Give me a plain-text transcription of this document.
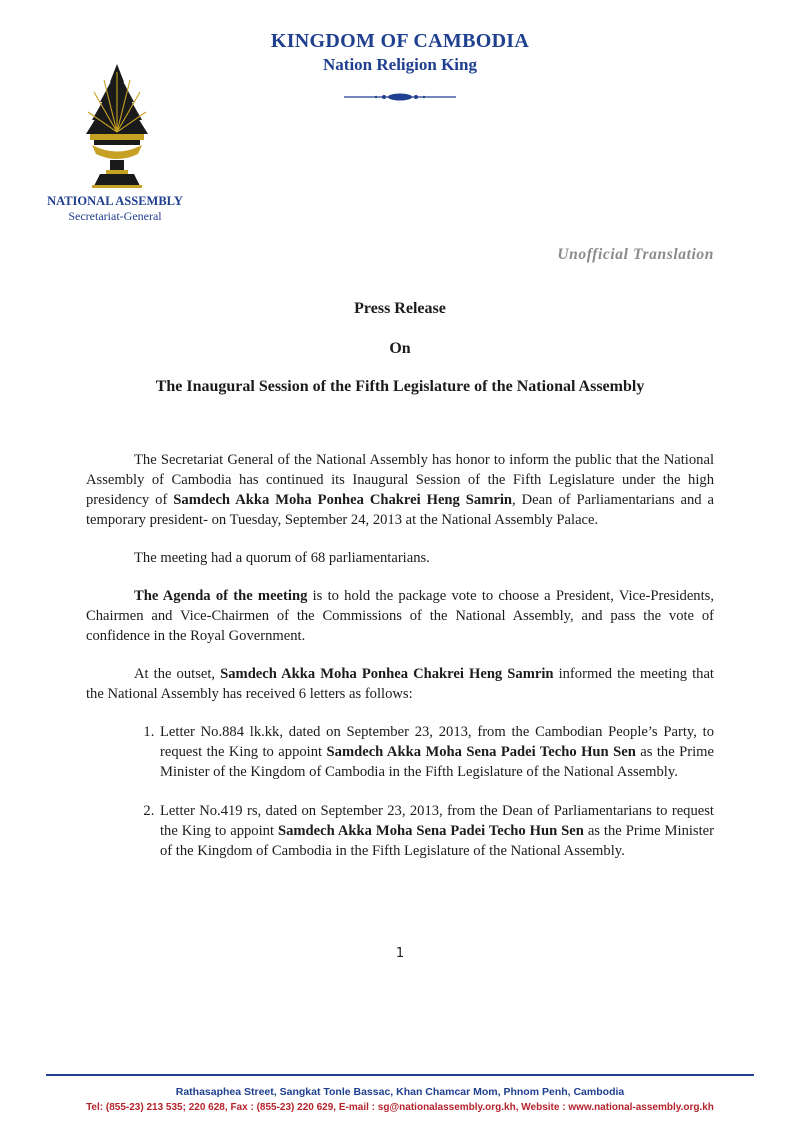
KINGDOM OF CAMBODIA
Nation Religion King
NATIONAL ASSEMBLY
Secretariat-General
Unofficial Translation
Press Release
On
The Inaugural Session of the Fifth Legislature of the National Assembly

The Secretariat General of the National Assembly has honor to inform the public that the National Assembly of Cambodia has continued its Inaugural Session of the Fifth Legislature under the high presidency of Samdech Akka Moha Ponhea Chakrei Heng Samrin, Dean of Parliamentarians and a temporary president- on Tuesday, September 24, 2013 at the National Assembly Palace.

The meeting had a quorum of 68 parliamentarians.

The Agenda of the meeting is to hold the package vote to choose a President, Vice-Presidents, Chairmen and Vice-Chairmen of the Commissions of the National Assembly, and pass the vote of confidence in the Royal Government.

At the outset, Samdech Akka Moha Ponhea Chakrei Heng Samrin informed the meeting that the National Assembly has received 6 letters as follows:

1. Letter No.884 lk.kk, dated on September 23, 2013, from the Cambodian People’s Party, to request the King to appoint Samdech Akka Moha Sena Padei Techo Hun Sen as the Prime Minister of the Kingdom of Cambodia in the Fifth Legislature of the National Assembly.
2. Letter No.419 rs, dated on September 23, 2013, from the Dean of Parliamentarians to request the King to appoint Samdech Akka Moha Sena Padei Techo Hun Sen as the Prime Minister of the Kingdom of Cambodia in the Fifth Legislature of the National Assembly.
1
Rathasaphea Street, Sangkat Tonle Bassac, Khan Chamcar Mom, Phnom Penh, Cambodia
Tel: (855-23) 213 535; 220 628, Fax : (855-23) 220 629, E-mail : sg@nationalassembly.org.kh, Website : www.national-assembly.org.kh
